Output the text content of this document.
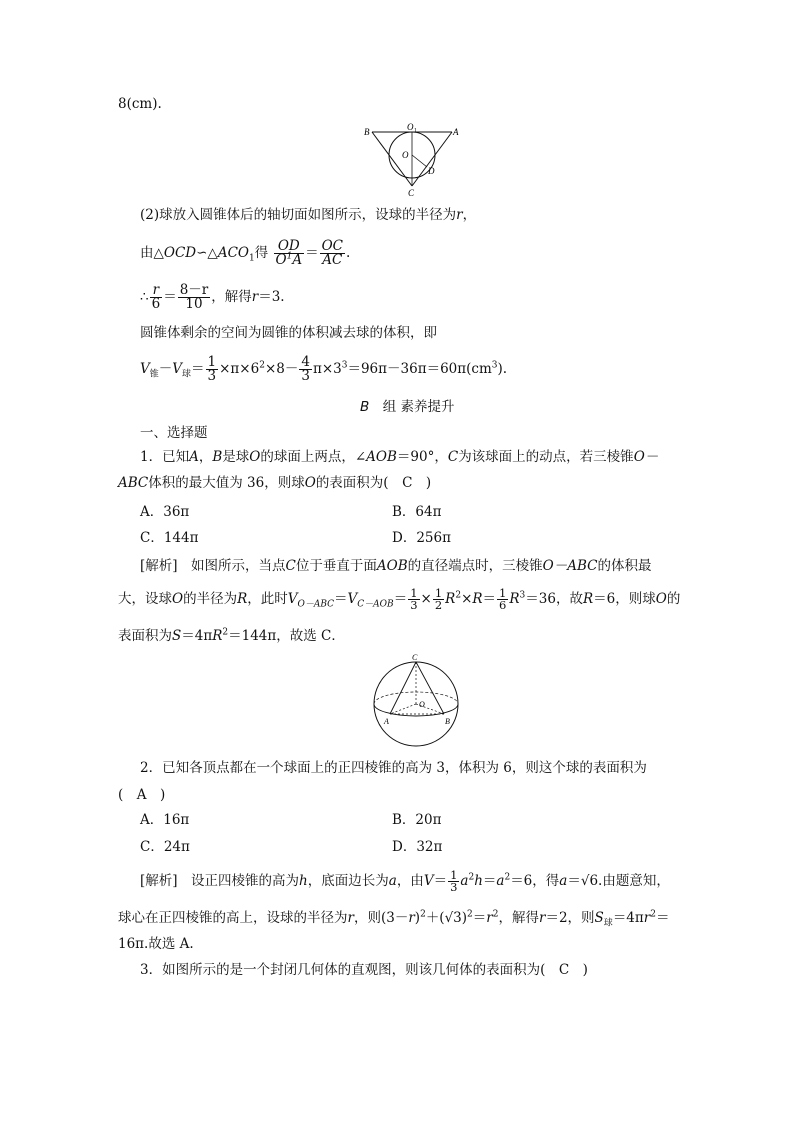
8(cm).
B	O 1	A
O
D
C
(2)球放入圆锥体后的轴切面如图所示，设球的半径为r，
由$\triangle OCD∽\triangle ACO_1$得 $\frac{OD}{O^1A} = \frac{OC}{AC}$ .
∴ $\frac{r}{6} = \frac{8-r}{10}$ ，解得r＝3.
圆锥体剩余的空间为圆锥的体积减去球的体积，即
$V_锥-V_球= \frac{1}{3} \times\pi\times 6^2\times 8- \frac{4}{3} \pi\times 3^3=96\pi-36\pi=60\pi(cm^3)$.
B　 组 素养提升
一、选择题
1．已知A，B是球O的球面上两点，∠AOB＝90°，C为该球面上的动点，若三棱锥O－
ABC体积的最大值为 36，则球O的表面积为(　C　)
A．36π	B．64π
C．144π	D．256π
[解析]　如图所示，当点C位于垂直于面AOB的直径端点时，三棱锥O－ABC的体积最
大，设球O的半径为R，此时$V_{O-ABC}=V_{C-AOB}= \frac{1}{3} \times \frac{1}{2} R^2\times R= \frac{1}{6} R^3=36$，故R＝6，则球O的
表面积为$S=4\pi R^2=144\pi$，故选 C．
C
O
A	B
2．已知各顶点都在一个球面上的正四棱锥的高为 3，体积为 6，则这个球的表面积为
(　A　)
A．16π	B．20π
C．24π	D．32π
[解析]　设正四棱锥的高为h，底面边长为a，由$V= \frac{1}{3} a^2h=a^2=6$，得a＝√6.由题意知，
球心在正四棱锥的高上，设球的半径为r，则$(3-r)^2+(√3)^2=r^2$，解得r＝2，则$S_球=4\pi r^2=$
16π.故选 A.
3．如图所示的是一个封闭几何体的直观图，则该几何体的表面积为(　C　)
